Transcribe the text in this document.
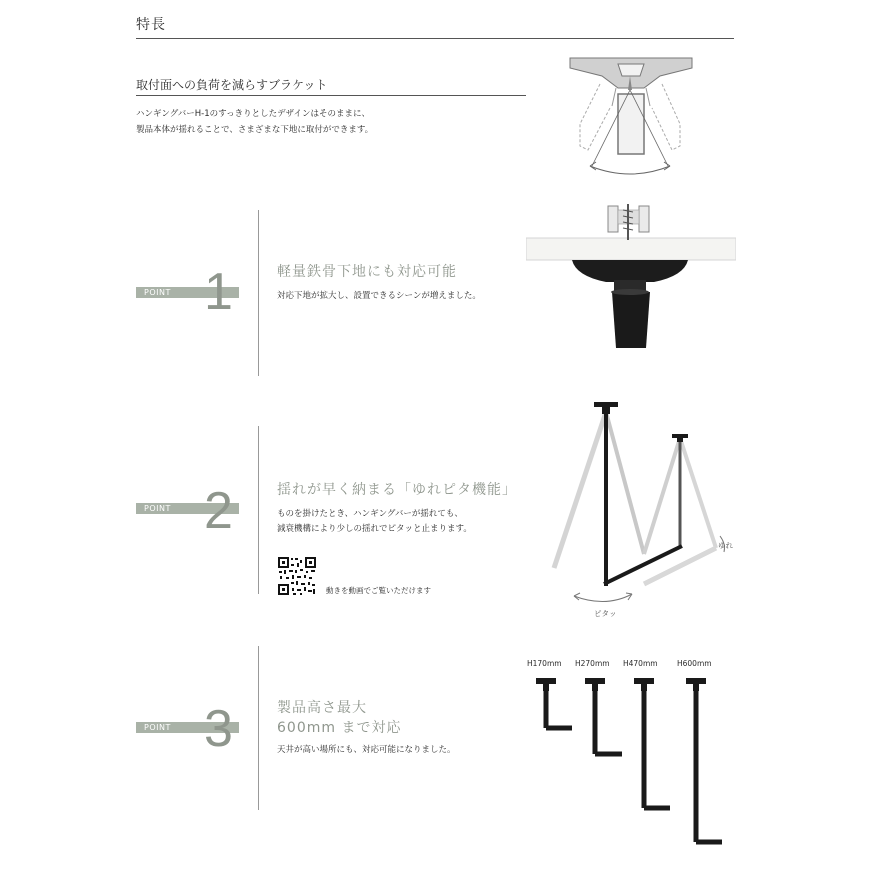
特長
取付面への負荷を減らすブラケット
ハンギングバーH-1のすっきりとしたデザインはそのままに、
製品本体が揺れることで、さまざまな下地に取付ができます。
POINT 1	軽量鉄骨下地にも対応可能
対応下地が拡大し、設置できるシーンが増えました。
POINT 2	揺れが早く納まる「ゆれピタ機能」
ものを掛けたとき、ハンギングバーが揺れても、
減衰機構により少しの揺れでピタッと止まります。
動きを動画でご覧いただけます
ゆれ
ピタッ
POINT 3	製品高さ最大
600mm まで対応
天井が高い場所にも、対応可能になりました。
H170mm H270mm H470mm	H600mm
